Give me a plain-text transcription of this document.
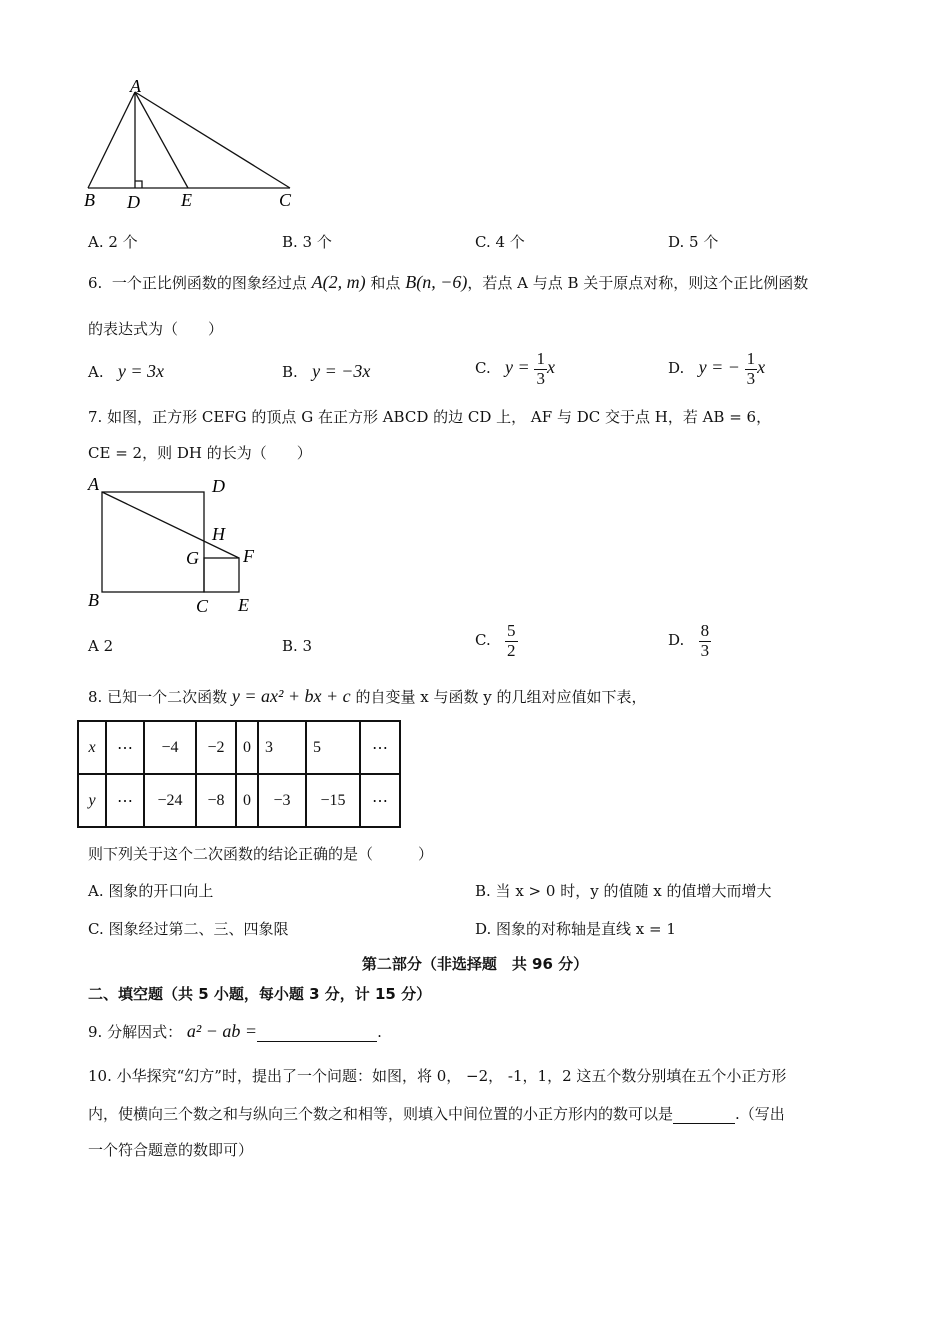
A
B D E	C
A. 2 个	B. 3 个	C. 4 个	D. 5 个
6. 一个正比例函数的图象经过点 A(2, m) 和点 B(n, −6)，若点 A 与点 B 关于原点对称，则这个正比例函数
的表达式为（　　）
A. y = 3x	B. y = −3x	C. $y = \frac{1}{3}$ x	D. y = − $\frac{1}{3}$ x
7. 如图，正方形 CEFG 的顶点 G 在正方形 ABCD 的边 CD 上， AF 与 DC 交于点 H，若 AB = 6，
CE = 2，则 DH 的长为（　　）
A	D
H
G F
B	C E
A 2	B. 3	C. $\frac{5}{2}$	D. $\frac{8}{3}$
8. 已知一个二次函数 y = ax² + bx + c 的自变量 x 与函数 y 的几组对应值如下表，
x	⋯	−4	−2	0	3	5	⋯
y	⋯	−24	−8	0	−3	−15	⋯
则下列关于这个二次函数的结论正确的是（　　　）
A. 图象的开口向上	B. 当 x > 0 时，y 的值随 x 的值增大而增大
C. 图象经过第二、三、四象限	D. 图象的对称轴是直线 x = 1
第二部分（非选择题　共 96 分）
二、填空题（共 5 小题，每小题 3 分，计 15 分）
9. 分解因式： a² − ab =	.
10. 小华探究“幻方”时，提出了一个问题：如图，将 0， −2， -1，1，2 这五个数分别填在五个小正方形
内，使横向三个数之和与纵向三个数之和相等，则填入中间位置的小正方形内的数可以是	.（写出
一个符合题意的数即可）
